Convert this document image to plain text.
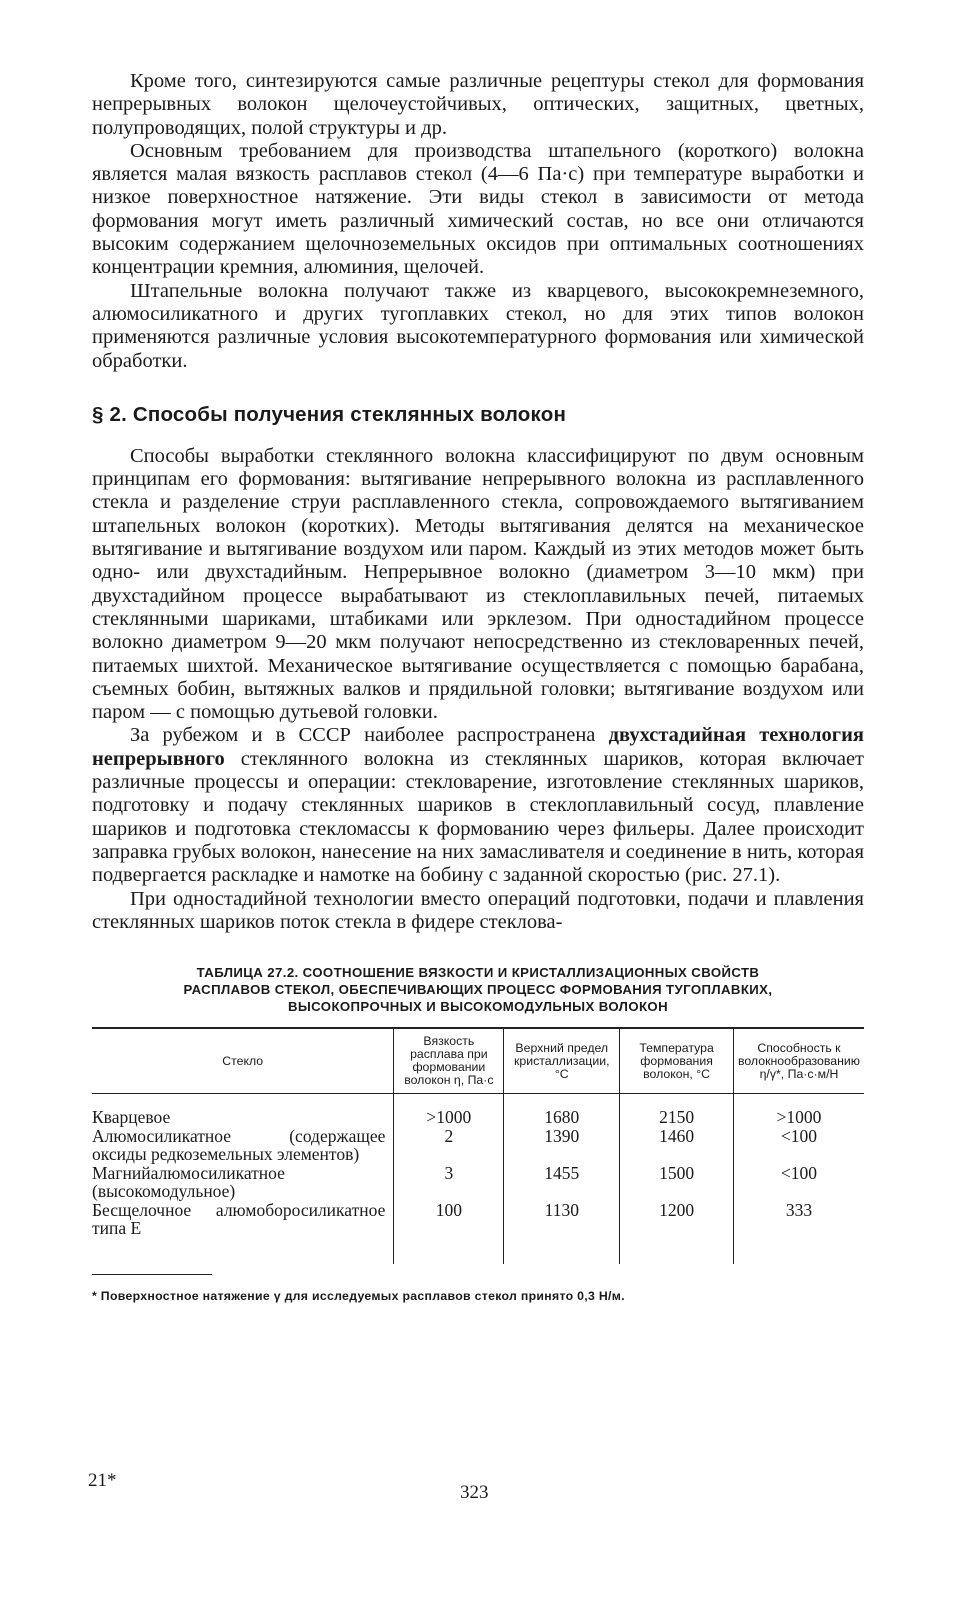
Кроме того, синтезируются самые различные рецептуры стекол для формования непрерывных волокон щелочеустойчивых, оптических, защитных, цветных, полупроводящих, полой структуры и др.

Основным требованием для производства штапельного (короткого) волокна является малая вязкость расплавов стекол (4—6 Па·с) при температуре выработки и низкое поверхностное натяжение. Эти виды стекол в зависимости от метода формования могут иметь различный химический состав, но все они отличаются высоким содержанием щелочноземельных оксидов при оптимальных соотношениях концентрации кремния, алюминия, щелочей.

Штапельные волокна получают также из кварцевого, высококремнеземного, алюмосиликатного и других тугоплавких стекол, но для этих типов волокон применяются различные условия высокотемпературного формования или химической обработки.

§ 2. Способы получения стеклянных волокон

Способы выработки стеклянного волокна классифицируют по двум основным принципам его формования: вытягивание непрерывного волокна из расплавленного стекла и разделение струи расплавленного стекла, сопровождаемого вытягиванием штапельных волокон (коротких). Методы вытягивания делятся на механическое вытягивание и вытягивание воздухом или паром. Каждый из этих методов может быть одно- или двухстадийным. Непрерывное волокно (диаметром 3—10 мкм) при двухстадийном процессе вырабатывают из стеклоплавильных печей, питаемых стеклянными шариками, штабиками или эрклезом. При одностадийном процессе волокно диаметром 9—20 мкм получают непосредственно из стекловаренных печей, питаемых шихтой. Механическое вытягивание осуществляется с помощью барабана, съемных бобин, вытяжных валков и прядильной головки; вытягивание воздухом или паром — с помощью дутьевой головки.

За рубежом и в СССР наиболее распространена двухстадийная технология непрерывного стеклянного волокна из стеклянных шариков, которая включает различные процессы и операции: стекловарение, изготовление стеклянных шариков, подготовку и подачу стеклянных шариков в стеклоплавильный сосуд, плавление шариков и подготовка стекломассы к формованию через фильеры. Далее происходит заправка грубых волокон, нанесение на них замасливателя и соединение в нить, которая подвергается раскладке и намотке на бобину с заданной скоростью (рис. 27.1).

При одностадийной технологии вместо операций подготовки, подачи и плавления стеклянных шариков поток стекла в фидере стеклова-

ТАБЛИЦА 27.2. СООТНОШЕНИЕ ВЯЗКОСТИ И КРИСТАЛЛИЗАЦИОННЫХ СВОЙСТВ
РАСПЛАВОВ СТЕКОЛ, ОБЕСПЕЧИВАЮЩИХ ПРОЦЕСС ФОРМОВАНИЯ ТУГОПЛАВКИХ,
ВЫСОКОПРОЧНЫХ И ВЫСОКОМОДУЛЬНЫХ ВОЛОКОН
Стекло	Вязкость расплава при формовании волокон η, Па·с	Верхний предел кристаллизации, °С	Температура формования волокон, °С	Способность к волокнообразованию η/γ*, Па·с·м/Н
Кварцевое	>1000	1680	2150	>1000
Алюмосиликатное (содержащее оксиды редкоземельных элементов)	2	1390	1460	<100
Магнийалюмосиликатное (высокомодульное)	3	1455	1500	<100
Бесщелочное алюмоборосиликатное типа Е	100	1130	1200	333

* Поверхностное натяжение γ для исследуемых расплавов стекол принято 0,3 Н/м.

21*
323
